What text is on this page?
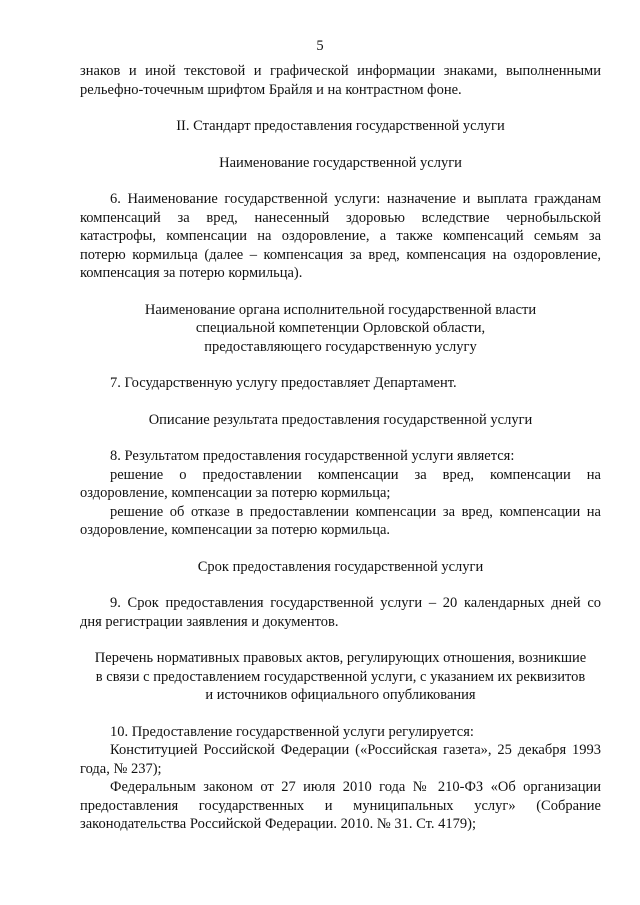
5
знаков и иной текстовой и графической информации знаками, выполненными
рельефно-точечным шрифтом Брайля и на контрастном фоне.
II. Стандарт предоставления государственной услуги
Наименование государственной услуги
6. Наименование государственной услуги: назначение и выплата гражданам
компенсаций за вред, нанесенный здоровью вследствие чернобыльской
катастрофы, компенсации на оздоровление, а также компенсаций семьям за
потерю кормильца (далее – компенсация за вред, компенсация на оздоровление,
компенсация за потерю кормильца).
Наименование органа исполнительной государственной власти
специальной компетенции Орловской области,
предоставляющего государственную услугу
7. Государственную услугу предоставляет Департамент.
Описание результата предоставления государственной услуги
8. Результатом предоставления государственной услуги является:
решение о предоставлении компенсации за вред, компенсации на
оздоровление, компенсации за потерю кормильца;
решение об отказе в предоставлении компенсации за вред, компенсации на
оздоровление, компенсации за потерю кормильца.
Срок предоставления государственной услуги
9. Срок предоставления государственной услуги – 20 календарных дней со
дня регистрации заявления и документов.
Перечень нормативных правовых актов, регулирующих отношения, возникшие
в связи с предоставлением государственной услуги, с указанием их реквизитов
и источников официального опубликования
10. Предоставление государственной услуги регулируется:
Конституцией Российской Федерации («Российская газета», 25 декабря 1993
года, № 237);
Федеральным законом от 27 июля 2010 года № 210-ФЗ «Об организации
предоставления государственных и муниципальных услуг» (Собрание
законодательства Российской Федерации. 2010. № 31. Ст. 4179);
